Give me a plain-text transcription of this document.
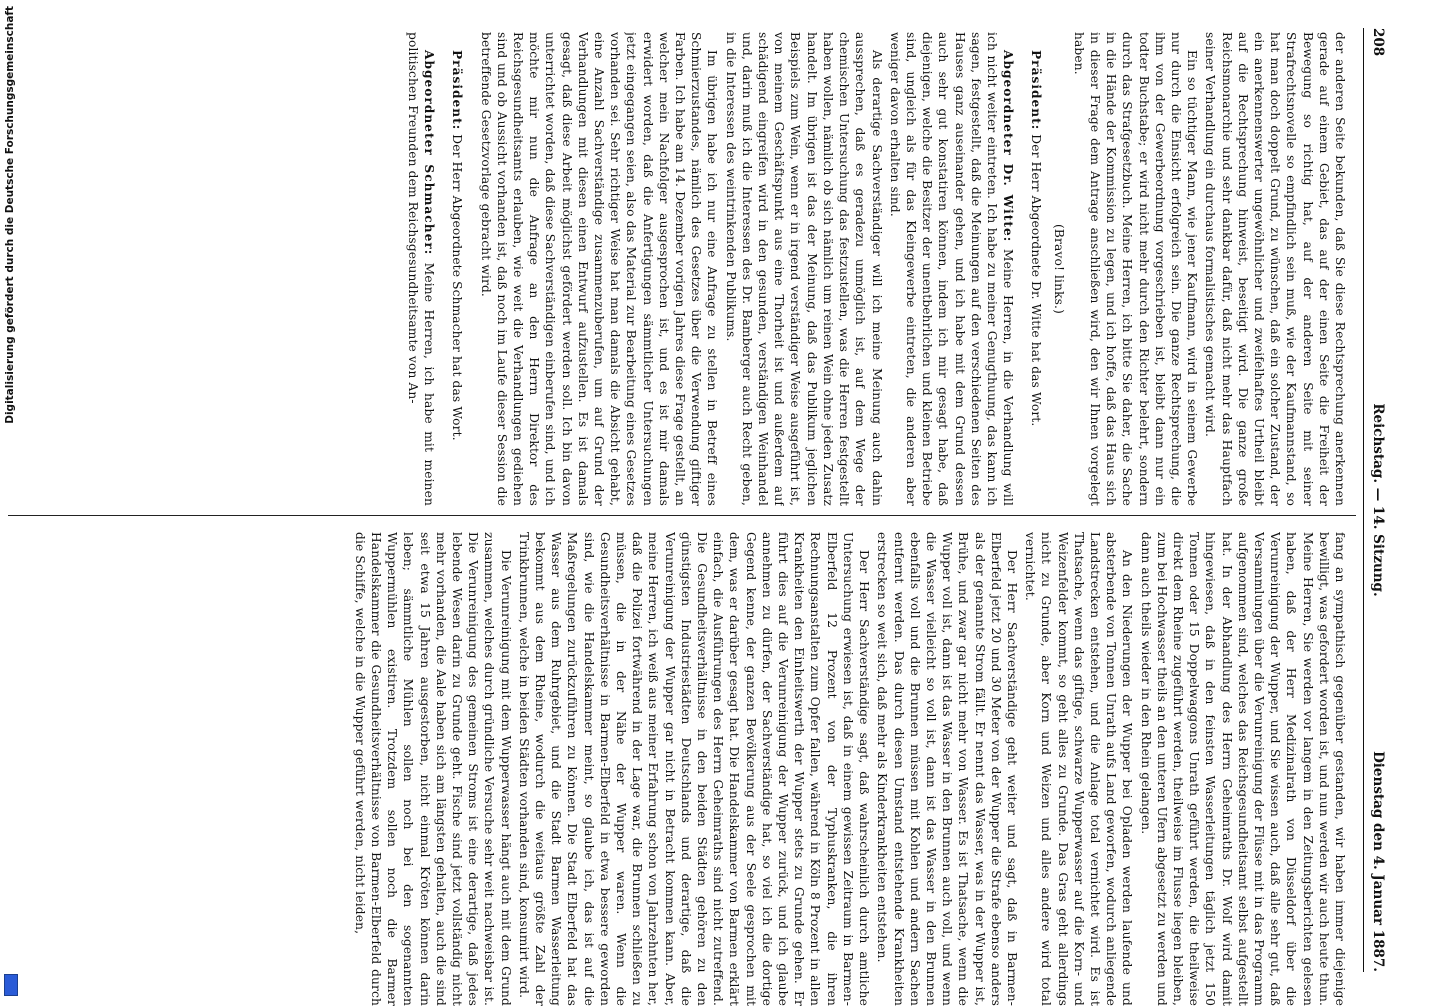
208
Reichstag. — 14. Sitzung.
Dienstag den 4. Januar 1887.

der anderen Seite bekunden, daß Sie diese Rechtsprechung anerkennen gerade auf einem Gebiet, das auf der einen Seite die Freiheit der Bewegung so richtig hat, auf der anderen Seite mit seiner Strafrechtsnovelle so empfindlich sein muß, wie der Kaufmannstand, so hat man doch doppelt Grund, zu wünschen, daß ein solcher Zustand, der ein anerkennenswerter ungewöhnlicher und zweifelhaftes Urtheil bleibt auf die Rechtsprechung hinweist, beseitigt wird. Die ganze große Reichsmonarchie und sehr dankbar dafür, daß nicht mehr das Hauptfach seiner Verhandlung ein durchaus formalistisches gemacht wird.

Ein so tüchtiger Mann, wie jener Kaufmann, wird in seinem Gewerbe nur durch die Einsicht erfolgreich sein. Die ganze Rechtsprechung, die ihm von der Gewerbeordnung vorgeschrieben ist, bleibt dann nur ein todter Buchstabe; er wird nicht mehr durch den Richter belehrt, sondern durch das Strafgesetzbuch. Meine Herren, ich bitte Sie daher, die Sache in die Hände der Kommission zu legen, und ich hoffe, daß das Haus sich in dieser Frage dem Antrage anschließen wird, den wir Ihnen vorgelegt haben.

(Bravo! links.)

Präsident: Der Herr Abgeordnete Dr. Witte hat das Wort.

Abgeordneter Dr. Witte: Meine Herren, in die Verhandlung will ich nicht weiter eintreten. Ich habe zu meiner Genugthuung, das kann ich sagen, festgestellt, daß die Meinungen auf den verschiedenen Seiten des Hauses ganz auseinander gehen, und ich habe mit dem Grund dessen auch sehr gut konstatiren können, indem ich mir gesagt habe, daß diejenigen, welche die Besitzer der unentbehrlichen und kleinen Betriebe sind, ungleich als für das Kleingewerbe eintreten, die anderen aber weniger davon erhalten sind.

Als derartige Sachverständiger will ich meine Meinung auch dahin aussprechen, daß es geradezu unmöglich ist, auf dem Wege der chemischen Untersuchung das festzustellen, was die Herren festgestellt haben wollen, nämlich ob sich nämlich um reinen Wein ohne jeden Zusatz handelt. Im übrigen ist das der Meinung, daß das Publikum jeglichen Beispiels zum Wein, wenn er in irgend verständiger Weise ausgeführt ist, von meinem Geschäftspunkt aus eine Thorheit ist und außerdem auf schädigend eingreifen wird in den gesunden, verständigen Weinhandel und, darin muß ich die Interessen des Dr. Bamberger auch Recht geben, in die Interessen des weintrinkenden Publikums.

Im übrigen habe ich nur eine Anfrage zu stellen in Betreff eines Schmierzustandes, nämlich des Gesetzes über die Verwendung giftiger Farben. Ich habe am 14. Dezember vorigen Jahres diese Frage gestellt, an welcher mein Nachfolger ausgesprochen ist, und es ist mir damals erwidert worden, daß die Anfertigungen sämmtlicher Untersuchungen jetzt eingegangen seien, also das Material zur Bearbeitung eines Gesetzes vorhanden sei. Sehr richtiger Weise hat man damals die Absicht gehabt, eine Anzahl Sachverständige zusammenzuberufen, um auf Grund der Verhandlungen mit diesen einen Entwurf aufzustellen. Es ist damals gesagt, daß diese Arbeit möglichst gefördert werden soll. Ich bin davon unterrichtet worden, daß diese Sachverständigen einberufen sind, und ich möchte mir nun die Anfrage an den Herrn Direktor des Reichsgesundheitsamts erlauben, wie weit die Verhandlungen gediehen sind und ob Aussicht vorhanden ist, daß noch im Laufe dieser Session die betreffende Gesetzvorlage gebracht wird.

Präsident: Der Herr Abgeordnete Schmacher hat das Wort.

Abgeordneter Schmacher: Meine Herren, ich habe mit meinen politischen Freunden dem Reichsgesundheitsamte von An-

fang an sympathisch gegenüber gestanden, wir haben immer diejenige bewilligt, was gefordert worden ist, und nun werden wir auch heute thun. Meine Herren, Sie werden vor langem in den Zeitungsberichten gelesen haben, daß der Herr Medizinalrath von Düsseldorf über die Verunreinigung der Wupper, und Sie wissen auch, daß alle sehr gut, daß Versammlungen über die Verunreinigung der Flüsse mit in das Programm aufgenommen sind, welches das Reichsgesundheitsamt selbst aufgestellt hat. In der Abhandlung des Herrn Geheimraths Dr. Wolf wird damit hingewiesen, daß in den feinsten Wasserleitungen täglich jetzt 150 Tonnen oder 15 Doppelwaggons Unrath geführt werden, die theilweise direkt dem Rheine zugeführt werden, theilweise im Flusse liegen bleiben, zum bei Hochwasser theils an den unteren Ufern abgesetzt zu werden und dann auch theils wieder in den Rhein gelangen.

An den Niederungen der Wupper bei Opladen werden laufende und absterbende von Tonnen Unrath aufs Land geworfen, wodurch anliegende Landstrecken entstehen, und die Anlage total vernichtet wird. Es ist Thatsache, wenn das giftige, schwarze Wupperwasser auf die Korn- und Weizenfelder kommt, so geht alles zu Grunde. Das Gras geht allerdings nicht zu Grunde, aber Korn und Weizen und alles andere wird total vernichtet.

Der Herr Sachverständige geht weiter und sagt, daß in Barmen-Elberfeld jetzt 20 und 30 Meter von der Wupper die Strafe ebenso anders als der genannte Strom fällt. Er nennt das Wasser, was in der Wupper ist, Brühe, und zwar gar nicht mehr von Wasser. Es ist Thatsache, wenn die Wupper voll ist, dann ist das Wasser in den Brunnen auch voll, und wenn die Wasser vielleicht so voll ist, dann ist das Wasser in den Brunnen ebenfalls voll und die Brunnen müssen mit Kohlen und andern Sachen entfernt werden. Das durch diesen Umstand entstehende Krankheiten erstrecken so weit sich, daß mehr als Kinderkrankheiten entstehen.

Der Herr Sachverständige sagt, daß wahrscheinlich durch amtliche Untersuchung erwiesen ist, daß in einem gewissen Zeitraum in Barmen-Elberfeld 12 Prozent von der Typhuskranken, die ihren Rechnungsanstalten zum Opfer fallen, während in Köln 8 Prozent in allen Krankheiten den Einheitswerth der Wupper stets zu Grunde gehen. Er führt dies auf die Verunreinigung der Wupper zurück, und ich glaube annehmen zu dürfen, der Sachverständige hat, so viel ich die dortige Gegend kenne, der ganzen Bevölkerung aus der Seele gesprochen mit dem, was er darüber gesagt hat. Die Handelskammer von Barmen erklärt einfach, die Ausführungen des Herrn Geheimraths sind nicht zutreffend. Die Gesundheitsverhältnisse in den beiden Städten gehören zu den günstigsten Industriestädten Deutschlands und derartige, daß die Verunreinigung der Wupper gar nicht in Betracht kommen kann. Aber, meine Herren, ich weiß aus meiner Erfahrung schon von Jahrzehnten her, daß die Polizei fortwährend in der Lage war, die Brunnen schließen zu müssen, die in der Nähe der Wupper waren. Wenn die Gesundheitsverhältnisse in Barmen-Elberfeld in etwa bessere geworden sind, wie die Handelskammer meint, so glaube ich, das ist auf die Maßregelungen zurückzuführen zu können. Die Stadt Elberfeld hat das Wasser aus dem Ruhrgebiet, und die Stadt Barmen Wasserleitung bekommt aus dem Rheine, wodurch die weitaus größte Zahl der Trinkbrunnen, welche in beiden Städten vorhanden sind, konsumirt wird.

Die Verunreinigung mit dem Wupperwasser hängt auch mit dem Grund zusammen, welches durch gründliche Versuche sehr weit nachweisbar ist. Die Verunreinigung des gemeinen Stroms ist eine derartige, daß jedes lebende Wesen darin zu Grunde geht. Fische sind jetzt vollständig nicht mehr vorhanden, die Aale haben sich am längsten gehalten, auch die sind seit etwa 15 Jahren ausgestorben, nicht einmal Kröten können darin leben; sämmtliche Mühlen sollen noch bei den sogenannten Wuppermühlen existiren. Trotzdem sollen noch die Barmer Handelskammer die Gesundheitsverhältnisse von Barmen-Elberfeld durch die Schiffe, welche in die Wupper geführt werden, nicht leiden,

Digitalisierung gefördert durch die Deutsche Forschungsgemeinschaft
